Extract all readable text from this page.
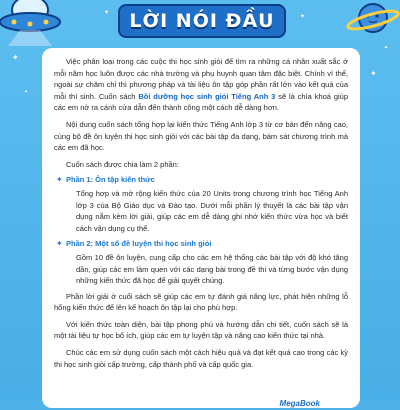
✦
✦
✦
✦
✦
✦
LỜI NÓI ĐẦU

Việc phân loại trong các cuộc thi học sinh giỏi để tìm ra những cá nhân xuất sắc ở mỗi năm học luôn được các nhà trường và phụ huynh quan tâm đặc biệt. Chính vì thế, ngoài sự chăm chỉ thì phương pháp và tài liệu ôn tập góp phần rất lớn vào kết quả của mỗi thí sinh. Cuốn sách Bồi dưỡng học sinh giỏi Tiếng Anh 3 sẽ là chìa khoá giúp các em nở ra cánh cửa dẫn đến thành công một cách dễ dàng hơn.

Nội dung cuốn sách tổng hợp lại kiến thức Tiếng Anh lớp 3 từ cơ bản đến nâng cao, cùng bộ đề ôn luyện thi học sinh giỏi với các bài tập đa dạng, bám sát chương trình mà các em đã học.

Cuốn sách được chia làm 2 phần:

✦ Phần 1: Ôn tập kiến thức

Tổng hợp và mở rộng kiến thức của 20 Units trong chương trình học Tiếng Anh lớp 3 của Bộ Giáo dục và Đào tạo. Dưới mỗi phần lý thuyết là các bài tập vận dụng nắm kèm lời giải, giúp các em dễ dàng ghi nhớ kiến thức vừa học và biết cách vận dụng cụ thể.

✦ Phần 2: Một số đề luyện thi học sinh giỏi

Gồm 10 đề ôn luyện, cung cấp cho các em hệ thống các bài tập với độ khó tăng dần, giúp các em làm quen với các dạng bài trong đề thi và từng bước vận dụng những kiến thức đã học để giải quyết chúng.

Phần lời giải ở cuối sách sẽ giúp các em tự đánh giá năng lực, phát hiện những lỗ hổng kiến thức để lên kế hoạch ôn tập lại cho phù hợp.

Với kiến thức toàn diện, bài tập phong phú và hướng dẫn chi tiết, cuốn sách sẽ là một tài liệu tự học bổ ích, giúp các em tự luyện tập và nâng cao kiến thức tại nhà.

Chúc các em sử dụng cuốn sách một cách hiệu quả và đạt kết quả cao trong các kỳ thi học sinh giỏi cấp trường, cấp thành phố và cấp quốc gia.

MegaBook
